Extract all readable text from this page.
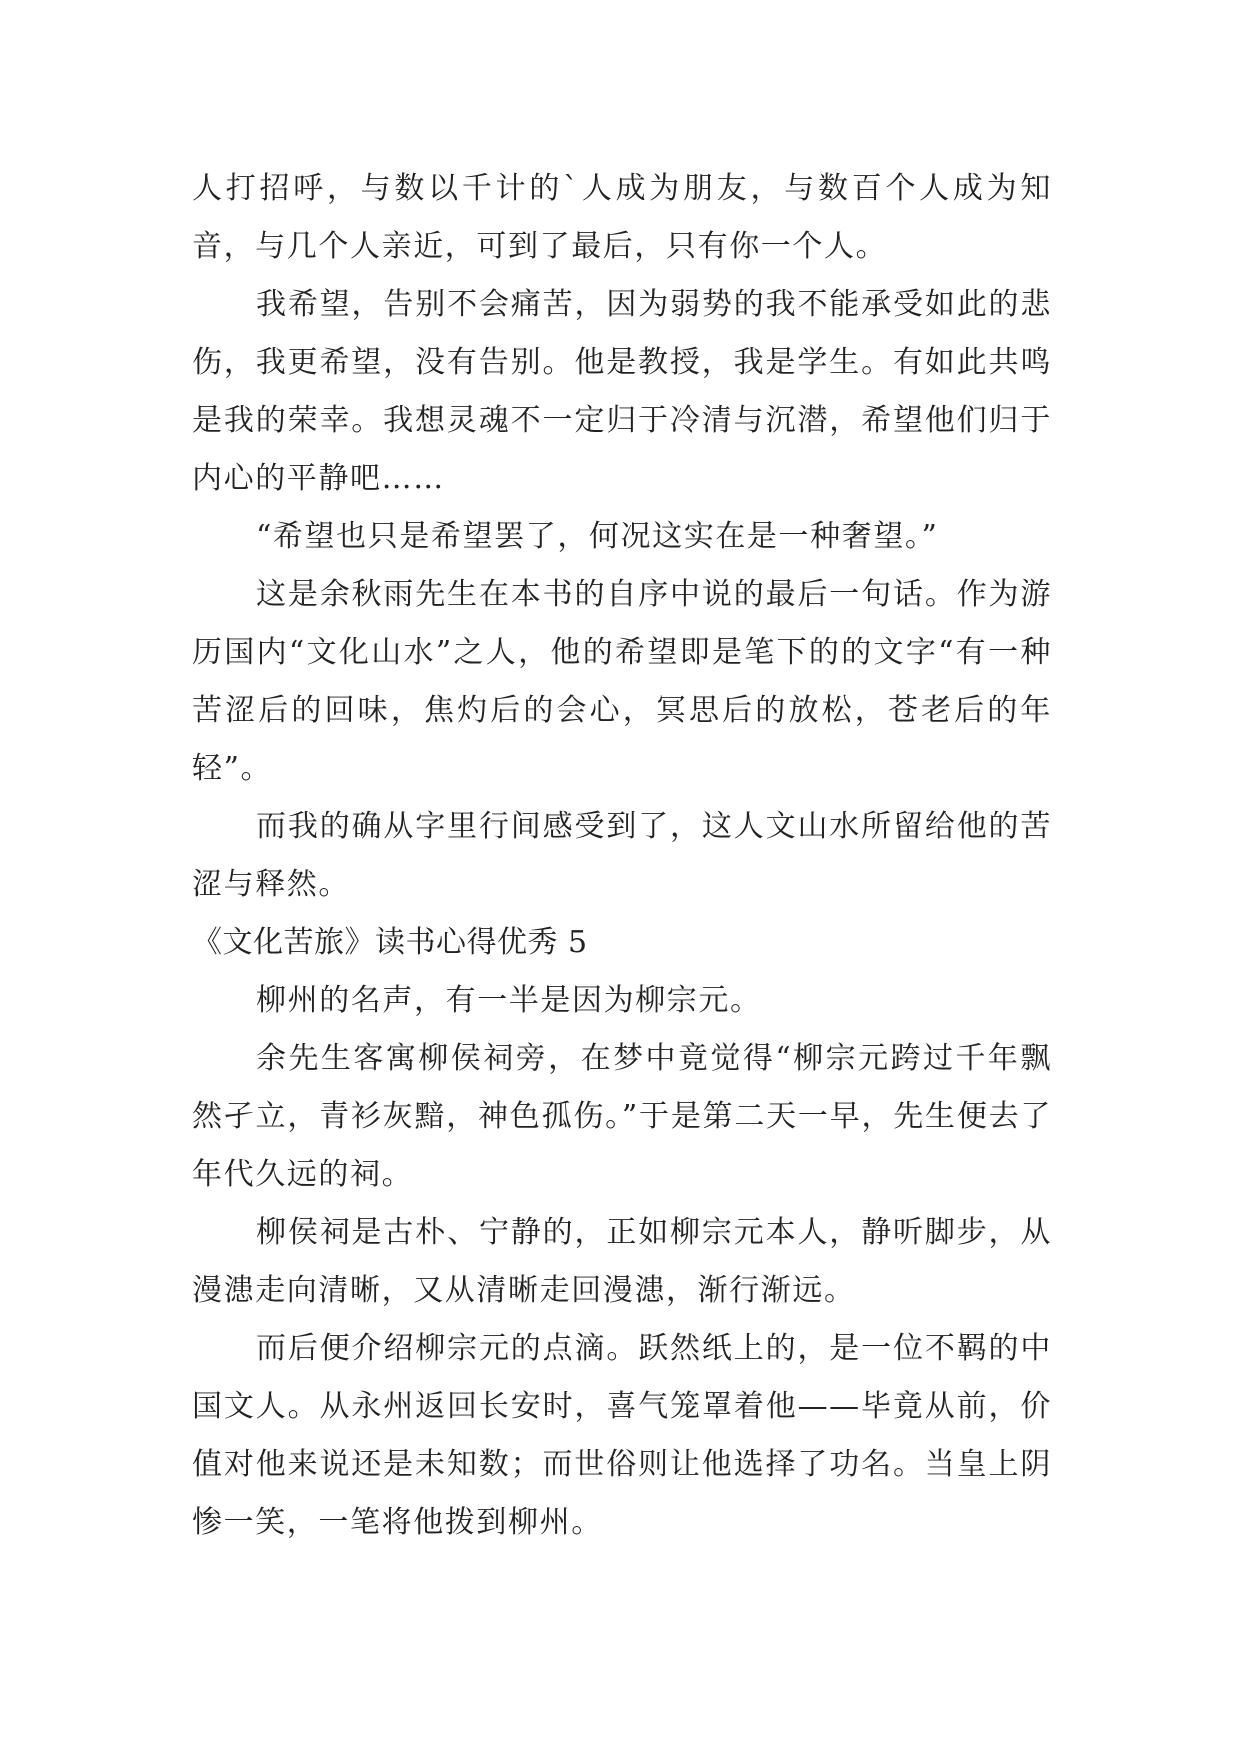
人打招呼，与数以千计的`人成为朋友，与数百个人成为知音，与几个人亲近，可到了最后，只有你一个人。

我希望，告别不会痛苦，因为弱势的我不能承受如此的悲伤，我更希望，没有告别。他是教授，我是学生。有如此共鸣是我的荣幸。我想灵魂不一定归于冷清与沉潜，希望他们归于内心的平静吧……

“希望也只是希望罢了，何况这实在是一种奢望。”

这是余秋雨先生在本书的自序中说的最后一句话。作为游历国内“文化山水”之人，他的希望即是笔下的的文字“有一种苦涩后的回味，焦灼后的会心，冥思后的放松，苍老后的年轻”。

而我的确从字里行间感受到了，这人文山水所留给他的苦涩与释然。

《文化苦旅》读书心得优秀 5

柳州的名声，有一半是因为柳宗元。

余先生客寓柳侯祠旁，在梦中竟觉得“柳宗元跨过千年飘然孑立，青衫灰黯，神色孤伤。”于是第二天一早，先生便去了年代久远的祠。

柳侯祠是古朴、宁静的，正如柳宗元本人，静听脚步，从漫漶走向清晰，又从清晰走回漫漶，渐行渐远。

而后便介绍柳宗元的点滴。跃然纸上的，是一位不羁的中国文人。从永州返回长安时，喜气笼罩着他——毕竟从前，价值对他来说还是未知数；而世俗则让他选择了功名。当皇上阴惨一笑，一笔将他拨到柳州。
